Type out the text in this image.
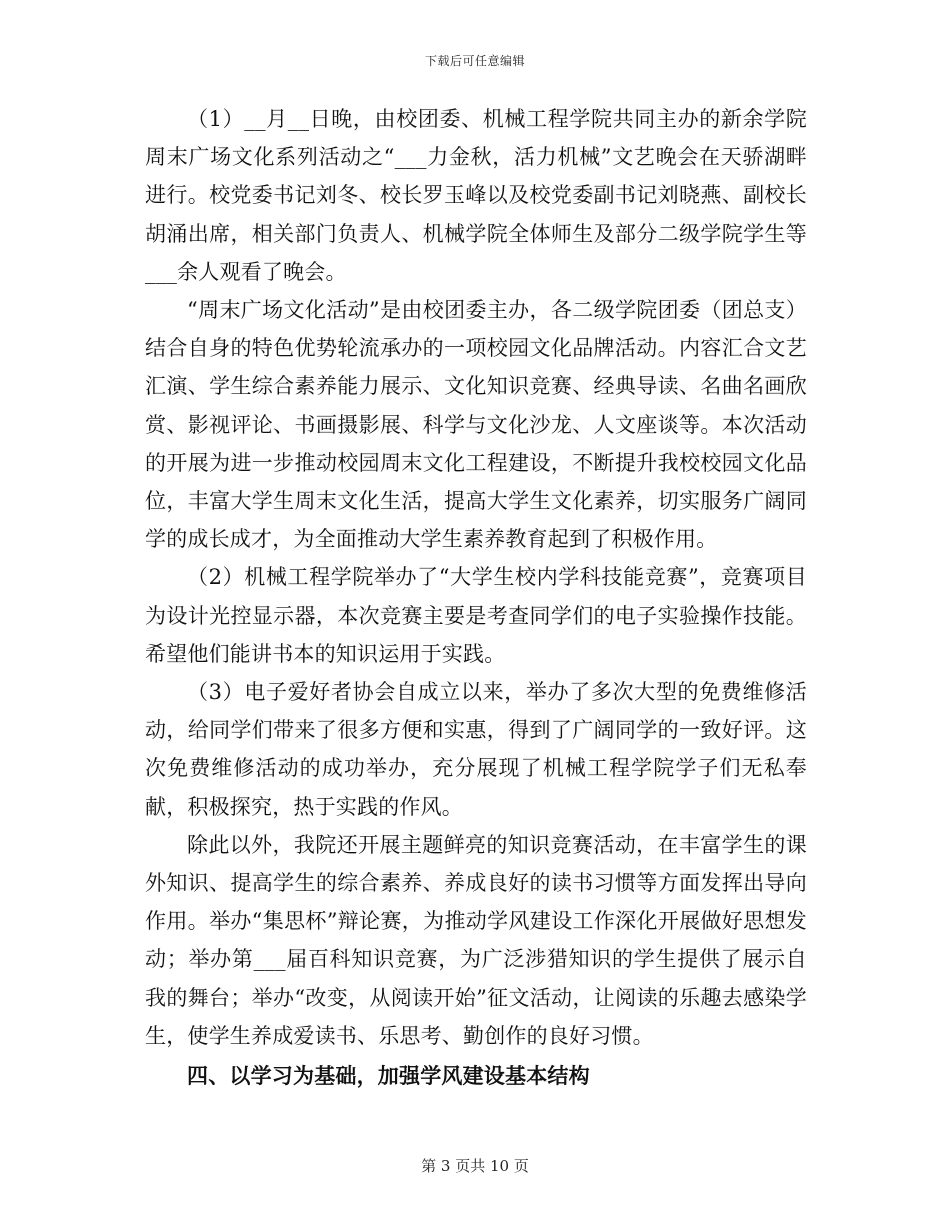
下载后可任意编辑

（1）__月__日晚，由校团委、机械工程学院共同主办的新余学院周末广场文化系列活动之“___力金秋，活力机械”文艺晚会在天骄湖畔进行。校党委书记刘冬、校长罗玉峰以及校党委副书记刘晓燕、副校长胡涌出席，相关部门负责人、机械学院全体师生及部分二级学院学生等___余人观看了晚会。

“周末广场文化活动”是由校团委主办，各二级学院团委（团总支）结合自身的特色优势轮流承办的一项校园文化品牌活动。内容汇合文艺汇演、学生综合素养能力展示、文化知识竞赛、经典导读、名曲名画欣赏、影视评论、书画摄影展、科学与文化沙龙、人文座谈等。本次活动的开展为进一步推动校园周末文化工程建设，不断提升我校校园文化品位，丰富大学生周末文化生活，提高大学生文化素养，切实服务广阔同学的成长成才，为全面推动大学生素养教育起到了积极作用。

（2）机械工程学院举办了“大学生校内学科技能竞赛”，竞赛项目为设计光控显示器，本次竞赛主要是考查同学们的电子实验操作技能。希望他们能讲书本的知识运用于实践。

（3）电子爱好者协会自成立以来，举办了多次大型的免费维修活动，给同学们带来了很多方便和实惠，得到了广阔同学的一致好评。这次免费维修活动的成功举办，充分展现了机械工程学院学子们无私奉献，积极探究，热于实践的作风。

除此以外，我院还开展主题鲜亮的知识竞赛活动，在丰富学生的课外知识、提高学生的综合素养、养成良好的读书习惯等方面发挥出导向作用。举办“集思杯”辩论赛，为推动学风建设工作深化开展做好思想发动；举办第___届百科知识竞赛，为广泛涉猎知识的学生提供了展示自我的舞台；举办“改变，从阅读开始”征文活动，让阅读的乐趣去感染学生，使学生养成爱读书、乐思考、勤创作的良好习惯。

四、以学习为基础，加强学风建设基本结构

第 3 页共 10 页
